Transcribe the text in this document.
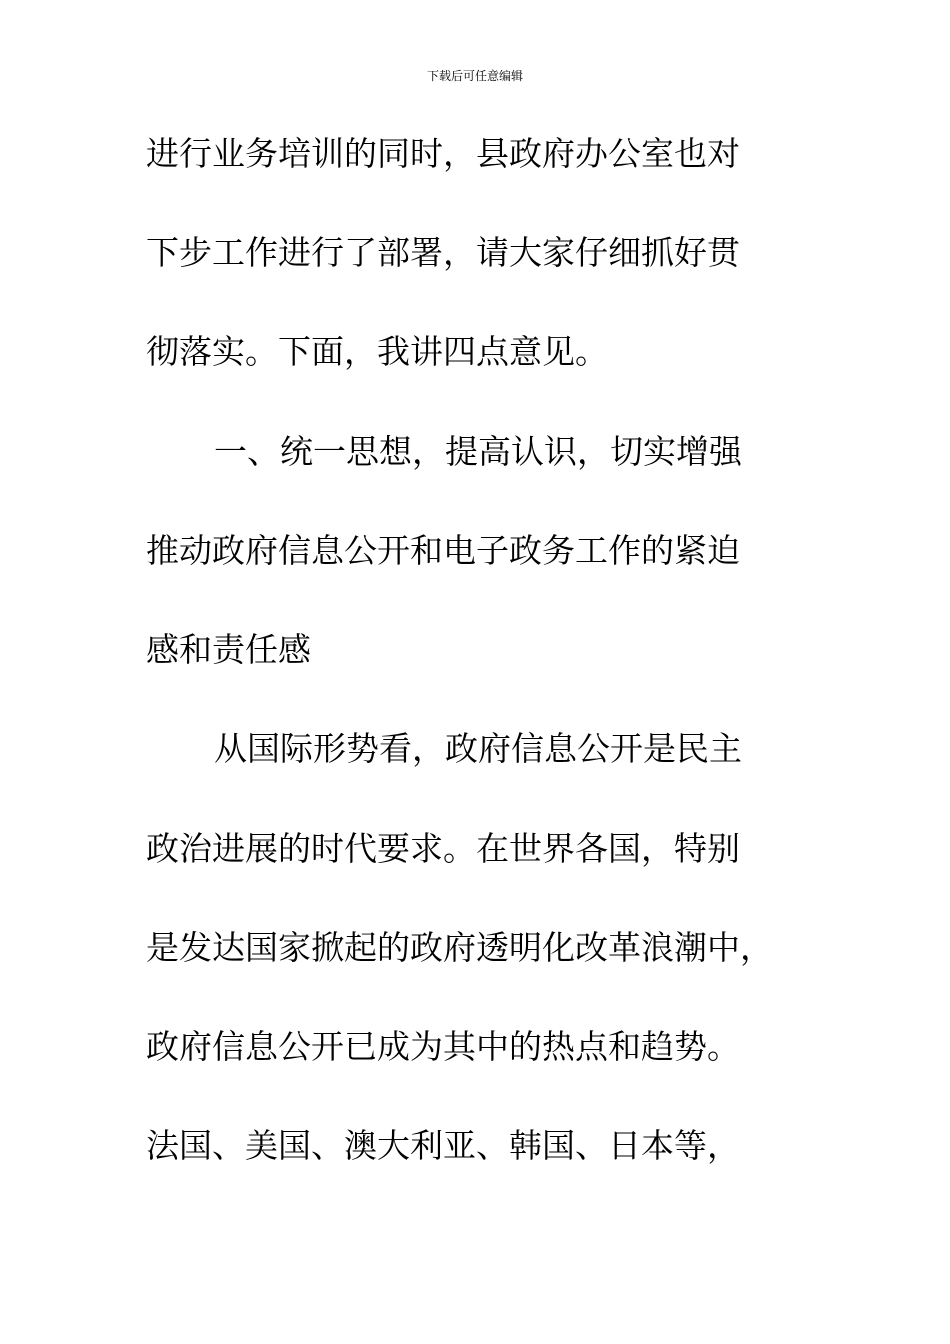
下载后可任意编辑
进行业务培训的同时，县政府办公室也对
下步工作进行了部署，请大家仔细抓好贯
彻落实。下面，我讲四点意见。
一、统一思想，提高认识，切实增强
推动政府信息公开和电子政务工作的紧迫
感和责任感
从国际形势看，政府信息公开是民主
政治进展的时代要求。在世界各国，特别
是发达国家掀起的政府透明化改革浪潮中，
政府信息公开已成为其中的热点和趋势。
法国、美国、澳大利亚、韩国、日本等，
